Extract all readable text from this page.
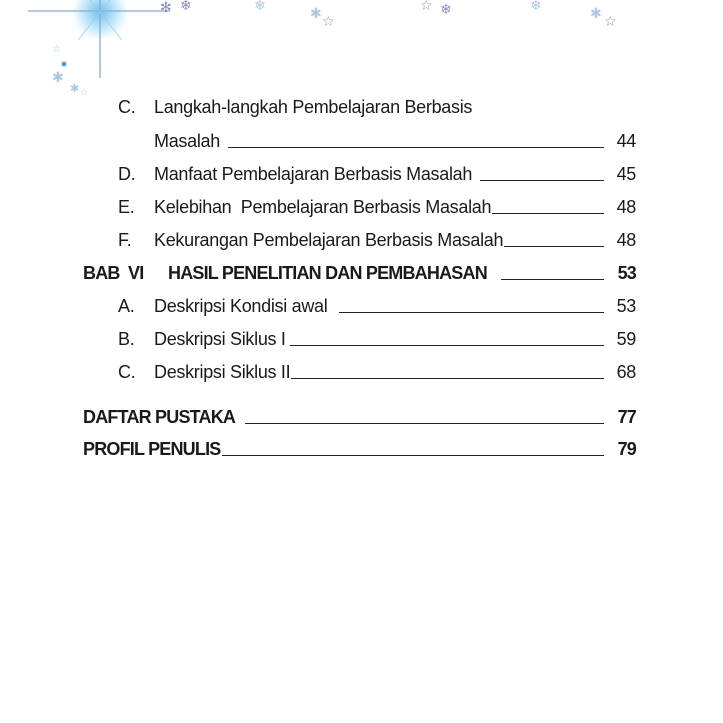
✻ ❄	❄	✱ ☆
☆ ❄	❄	✱ ☆
☆
✱
✱ ☆
C.	Langkah-langkah Pembelajaran Berbasis
Masalah	44
D.	Manfaat Pembelajaran Berbasis Masalah	45
E.	Kelebihan  Pembelajaran Berbasis Masalah	48
F.	Kekurangan Pembelajaran Berbasis Masalah	48
BAB  VI	HASIL PENELITIAN DAN PEMBAHASAN	53
A.	Deskripsi Kondisi awal	53
B.	Deskripsi Siklus I	59
C.	Deskripsi Siklus II	68
DAFTAR PUSTAKA	77
PROFIL PENULIS	79
